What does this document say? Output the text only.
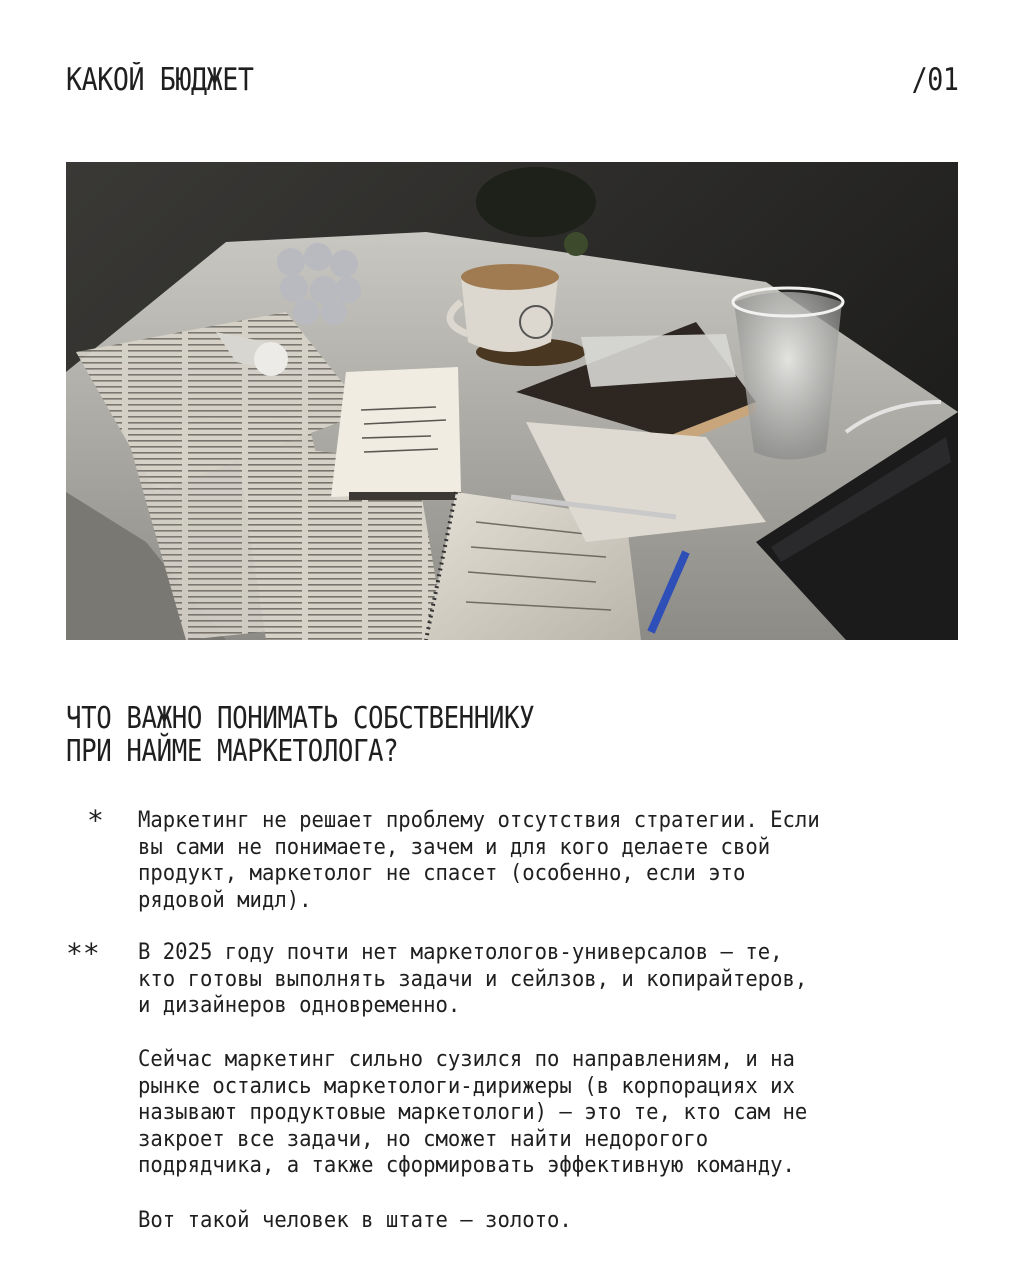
КАКОЙ БЮДЖЕТ	/01
ЧТО ВАЖНО ПОНИМАТЬ СОБСТВЕННИКУ
ПРИ НАЙМЕ МАРКЕТОЛОГА?
* Маркетинг не решает проблему отсутствия стратегии. Если
вы сами не понимаете, зачем и для кого делаете свой
продукт, маркетолог не спасет (особенно, если это
рядовой мидл).
** В 2025 году почти нет маркетологов-универсалов — те,
кто готовы выполнять задачи и сейлзов, и копирайтеров,
и дизайнеров одновременно.
Сейчас маркетинг сильно сузился по направлениям, и на
рынке остались маркетологи-дирижеры (в корпорациях их
называют продуктовые маркетологи) — это те, кто сам не
закроет все задачи, но сможет найти недорогого
подрядчика, а также сформировать эффективную команду.
Вот такой человек в штате — золото.
